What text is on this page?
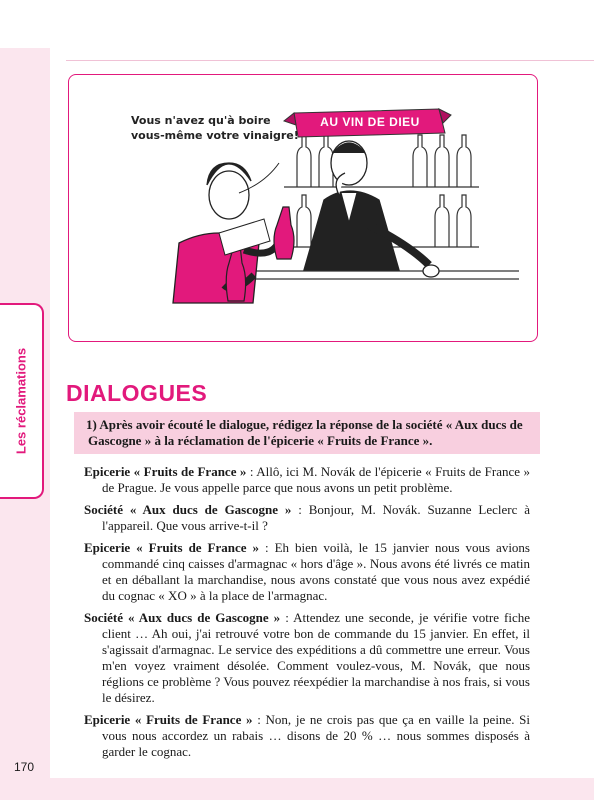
Les réclamations
170
Vous n'avez qu'à boire
vous-même votre vinaigre!
AU VIN DE DIEU
DIALOGUES
1) Après avoir écouté le dialogue, rédigez la réponse de la société « Aux ducs de Gascogne » à la réclamation de l'épicerie « Fruits de France ».

Epicerie « Fruits de France » : Allô, ici M. Novák de l'épicerie « Fruits de France » de Prague. Je vous appelle parce que nous avons un petit problème.

Société « Aux ducs de Gascogne » : Bonjour, M. Novák. Suzanne Leclerc à l'appareil. Que vous arrive-t-il ?

Epicerie « Fruits de France » : Eh bien voilà, le 15 janvier nous vous avions commandé cinq caisses d'armagnac « hors d'âge ». Nous avons été livrés ce matin et en déballant la marchandise, nous avons constaté que vous nous avez expédié du cognac « XO » à la place de l'armagnac.

Société « Aux ducs de Gascogne » : Attendez une seconde, je vérifie votre fiche client … Ah oui, j'ai retrouvé votre bon de commande du 15 janvier. En effet, il s'agissait d'armagnac. Le service des expéditions a dû commettre une erreur. Vous m'en voyez vraiment désolée. Comment voulez-vous, M. Novák, que nous réglions ce problème ? Vous pouvez réexpédier la marchandise à nos frais, si vous le désirez.

Epicerie « Fruits de France » : Non, je ne crois pas que ça en vaille la peine. Si vous nous accordez un rabais … disons de 20 % … nous sommes disposés à garder le cognac.
